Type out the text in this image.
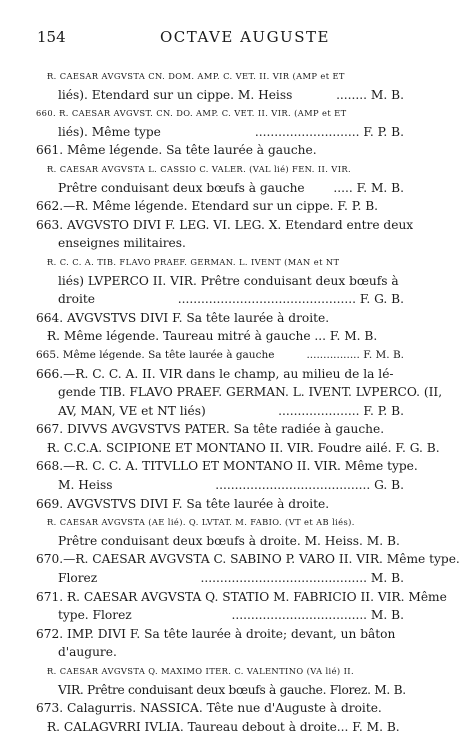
154	OCTAVE AUGUSTE
Ɍ. CAESAR AVGVSTA CN. DOM. AMP. C. VET. II. VIR (AMP et ET
liés). Etendard sur un cippe. M. Heiss	........ M. B.
660. Ɍ. CAESAR AVGVST. CN. DO. AMP. C. VET. II. VIR. (AMP et ET
liés). Même type	........................... F. P. B.
661. Même légende. Sa tête laurée à gauche.
Ɍ. CAESAR AVGVSTA L. CASSIO C. VALER. (VAL lié) FEN. II. VIR.
Prêtre conduisant deux bœufs à gauche ..... F. M. B.
662.—Ɍ. Même légende. Etendard sur un cippe. F. P. B.
663. AVGVSTO DIVI F. LEG. VI. LEG. X. Etendard entre deux
enseignes militaires.
Ɍ. C. C. A. TIB. FLAVO PRAEF. GERMAN. L. IVENT (MAN et NT
liés) LVPERCO II. VIR. Prêtre conduisant deux bœufs à
droite	.............................................. F. G. B.
664. AVGVSTVS DIVI F. Sa tête laurée à droite.
Ɍ. Même légende. Taureau mitré à gauche ... F. M. B.
665. Même légende. Sa tête laurée à gauche	................ F. M. B.
666.—Ɍ. C. C. A. II. VIR dans le champ, au milieu de la lé-
gende TIB. FLAVO PRAEF. GERMAN. L. IVENT. LVPERCO. (II,
AV, MAN, VE et NT liés)	..................... F. P. B.
667. DIVVS AVGVSTVS PATER. Sa tête radiée à gauche.
Ɍ. C.C.A. SCIPIONE ET MONTANO II. VIR. Foudre ailé. F. G. B.
668.—Ɍ. C. C. A. TITVLLO ET MONTANO II. VIR. Même type.
M. Heiss	........................................ G. B.
669. AVGVSTVS DIVI F. Sa tête laurée à droite.
Ɍ. CAESAR AVGVSTA (AE lié). Q. LVTAT. M. FABIO. (VT et AB liés).
Prêtre conduisant deux bœufs à droite. M. Heiss. M. B.
670.—Ɍ. CAESAR AVGVSTA C. SABINO P. VARO II. VIR. Même type.
Florez	........................................... M. B.
671. Ɍ. CAESAR AVGVSTA Q. STATIO M. FABRICIO II. VIR. Même
type. Florez	................................... M. B.
672. IMP. DIVI F. Sa tête laurée à droite; devant, un bâton
d'augure.
Ɍ. CAESAR AVGVSTA Q. MAXIMO ITER. C. VALENTINO (VA lié) II.
VIR. Prêtre conduisant deux bœufs à gauche. Florez. M. B.
673. Calagurris. NASSICA. Tête nue d'Auguste à droite.
Ɍ. CALAGVRRI IVLIA. Taureau debout à droite... F. M. B.
